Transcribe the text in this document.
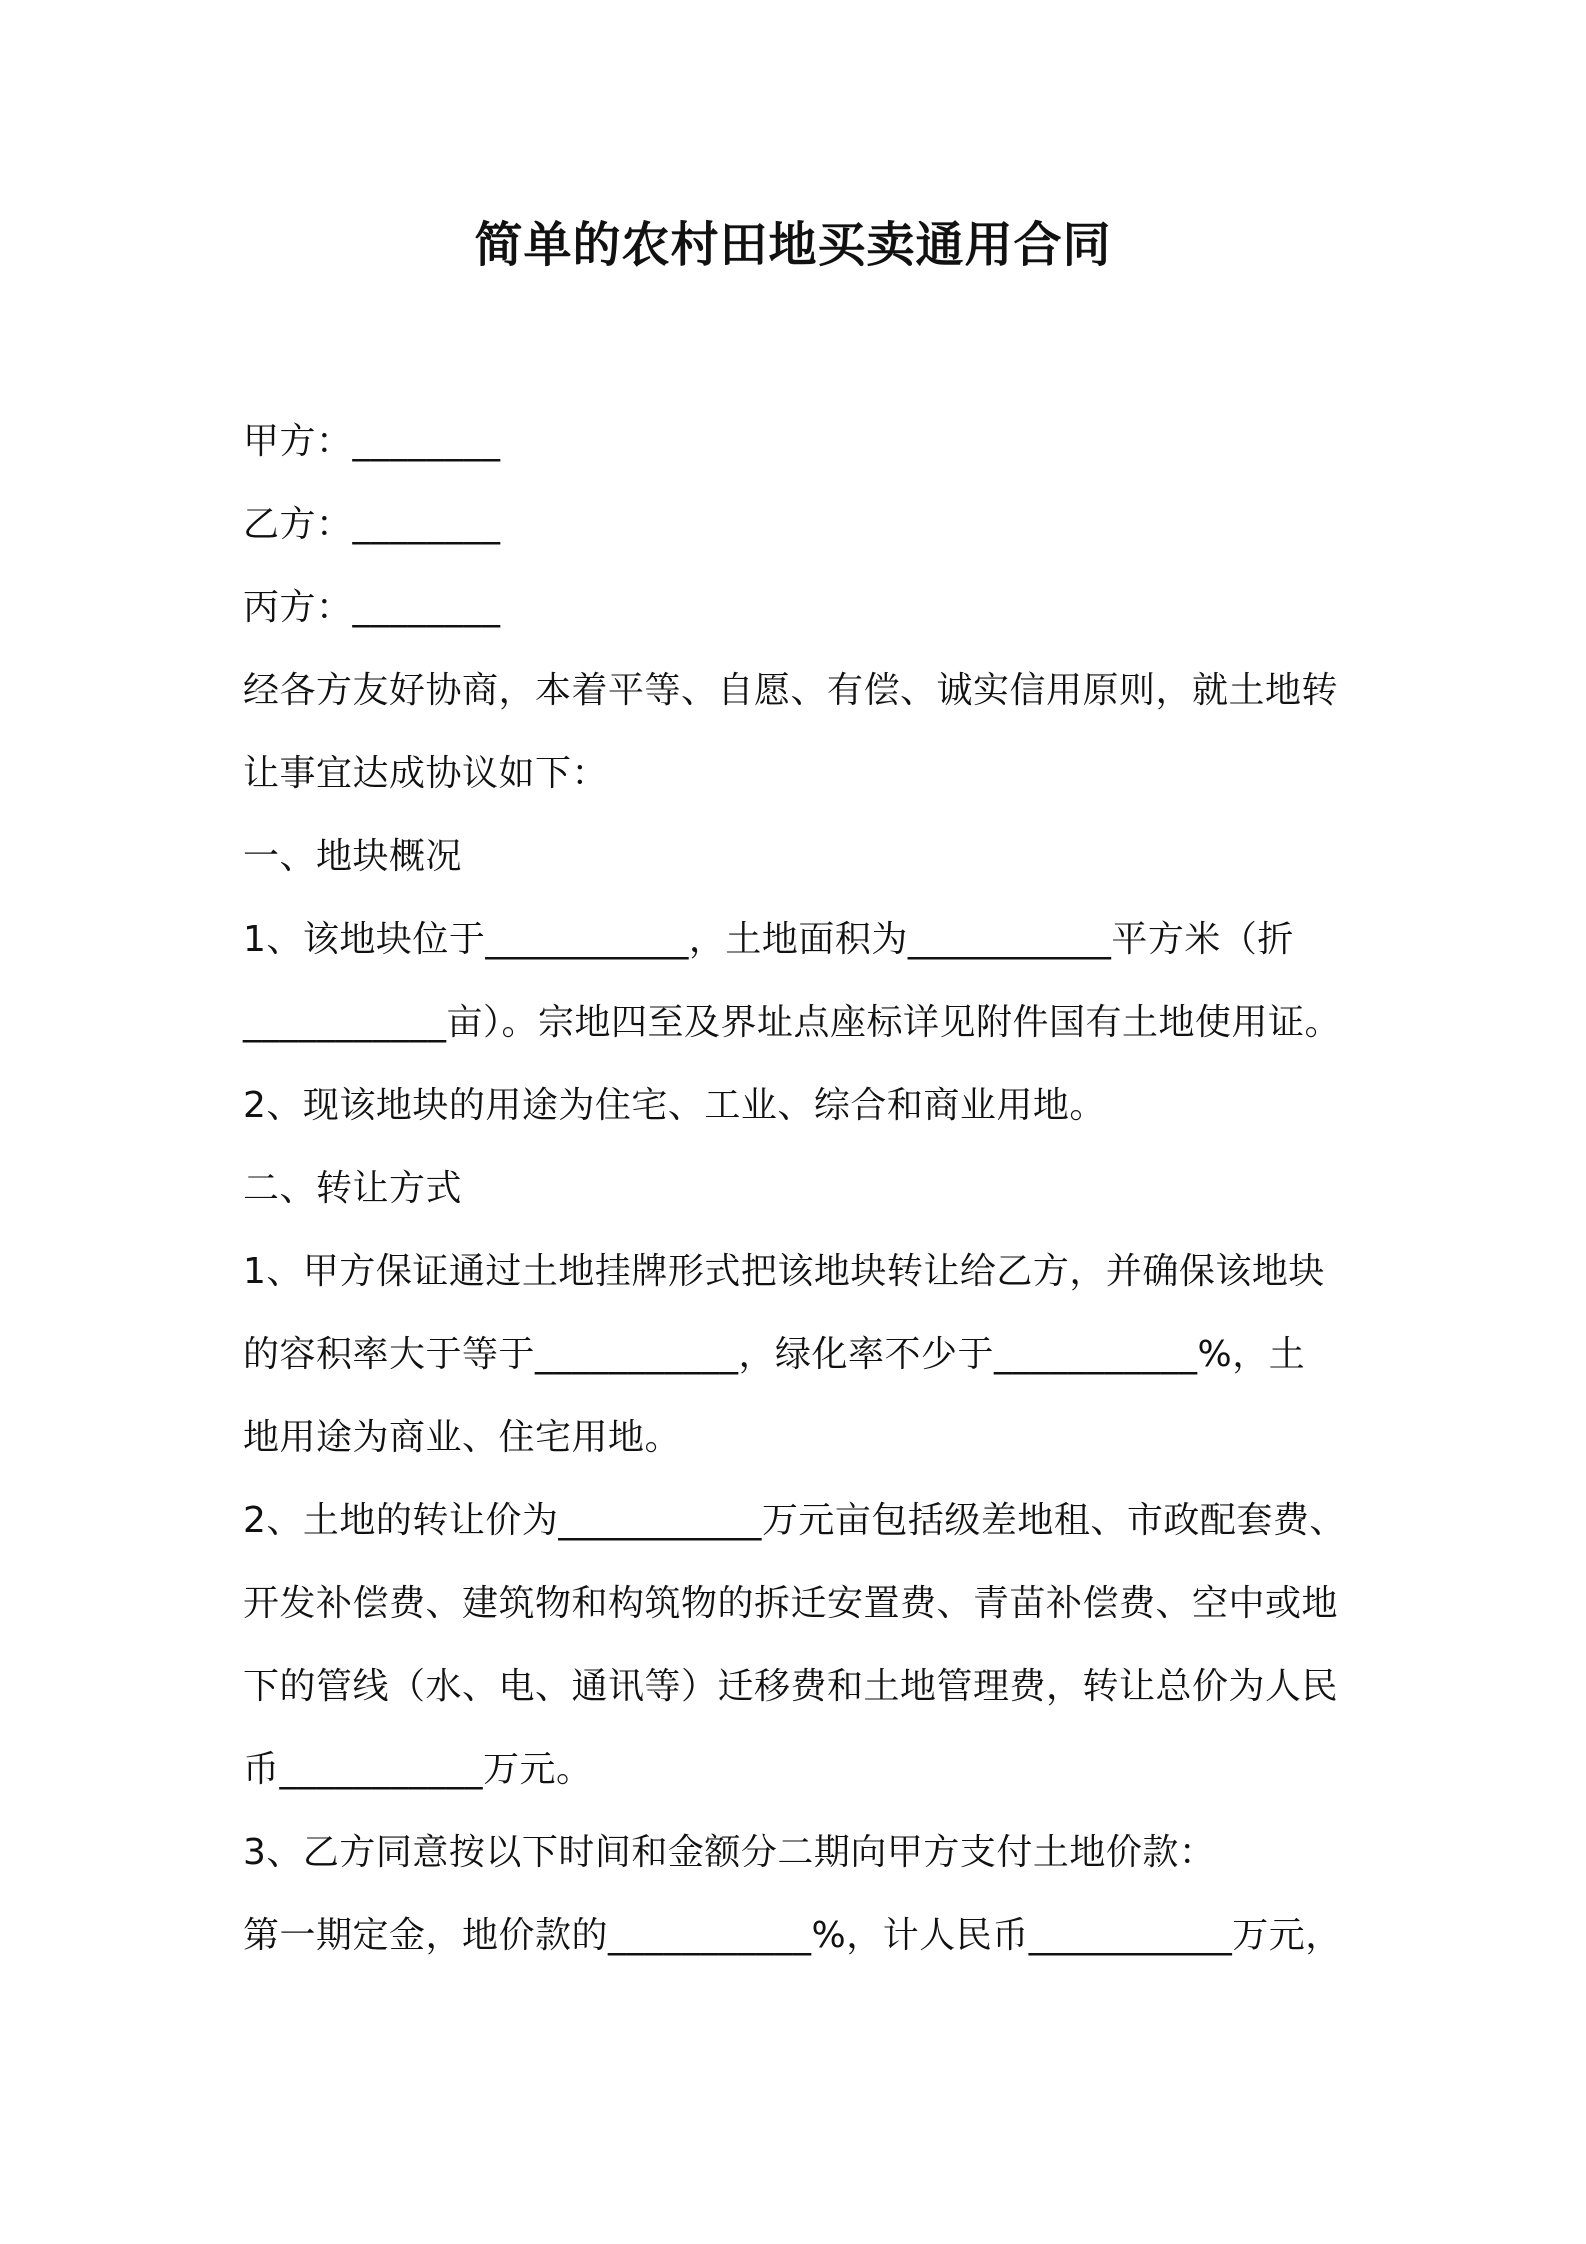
简单的农村田地买卖通用合同
甲方：________
乙方：________
丙方：________
经各方友好协商，本着平等、自愿、有偿、诚实信用原则，就土地转
让事宜达成协议如下：
一、地块概况
1、该地块位于___________，土地面积为___________平方米（折
___________亩）。宗地四至及界址点座标详见附件国有土地使用证。
2、现该地块的用途为住宅、工业、综合和商业用地。
二、转让方式
1、甲方保证通过土地挂牌形式把该地块转让给乙方，并确保该地块
的容积率大于等于___________，绿化率不少于___________%，土
地用途为商业、住宅用地。
2、土地的转让价为___________万元亩包括级差地租、市政配套费、
开发补偿费、建筑物和构筑物的拆迁安置费、青苗补偿费、空中或地
下的管线（水、电、通讯等）迁移费和土地管理费，转让总价为人民
币___________万元。
3、乙方同意按以下时间和金额分二期向甲方支付土地价款：
第一期定金，地价款的___________%，计人民币___________万元，
